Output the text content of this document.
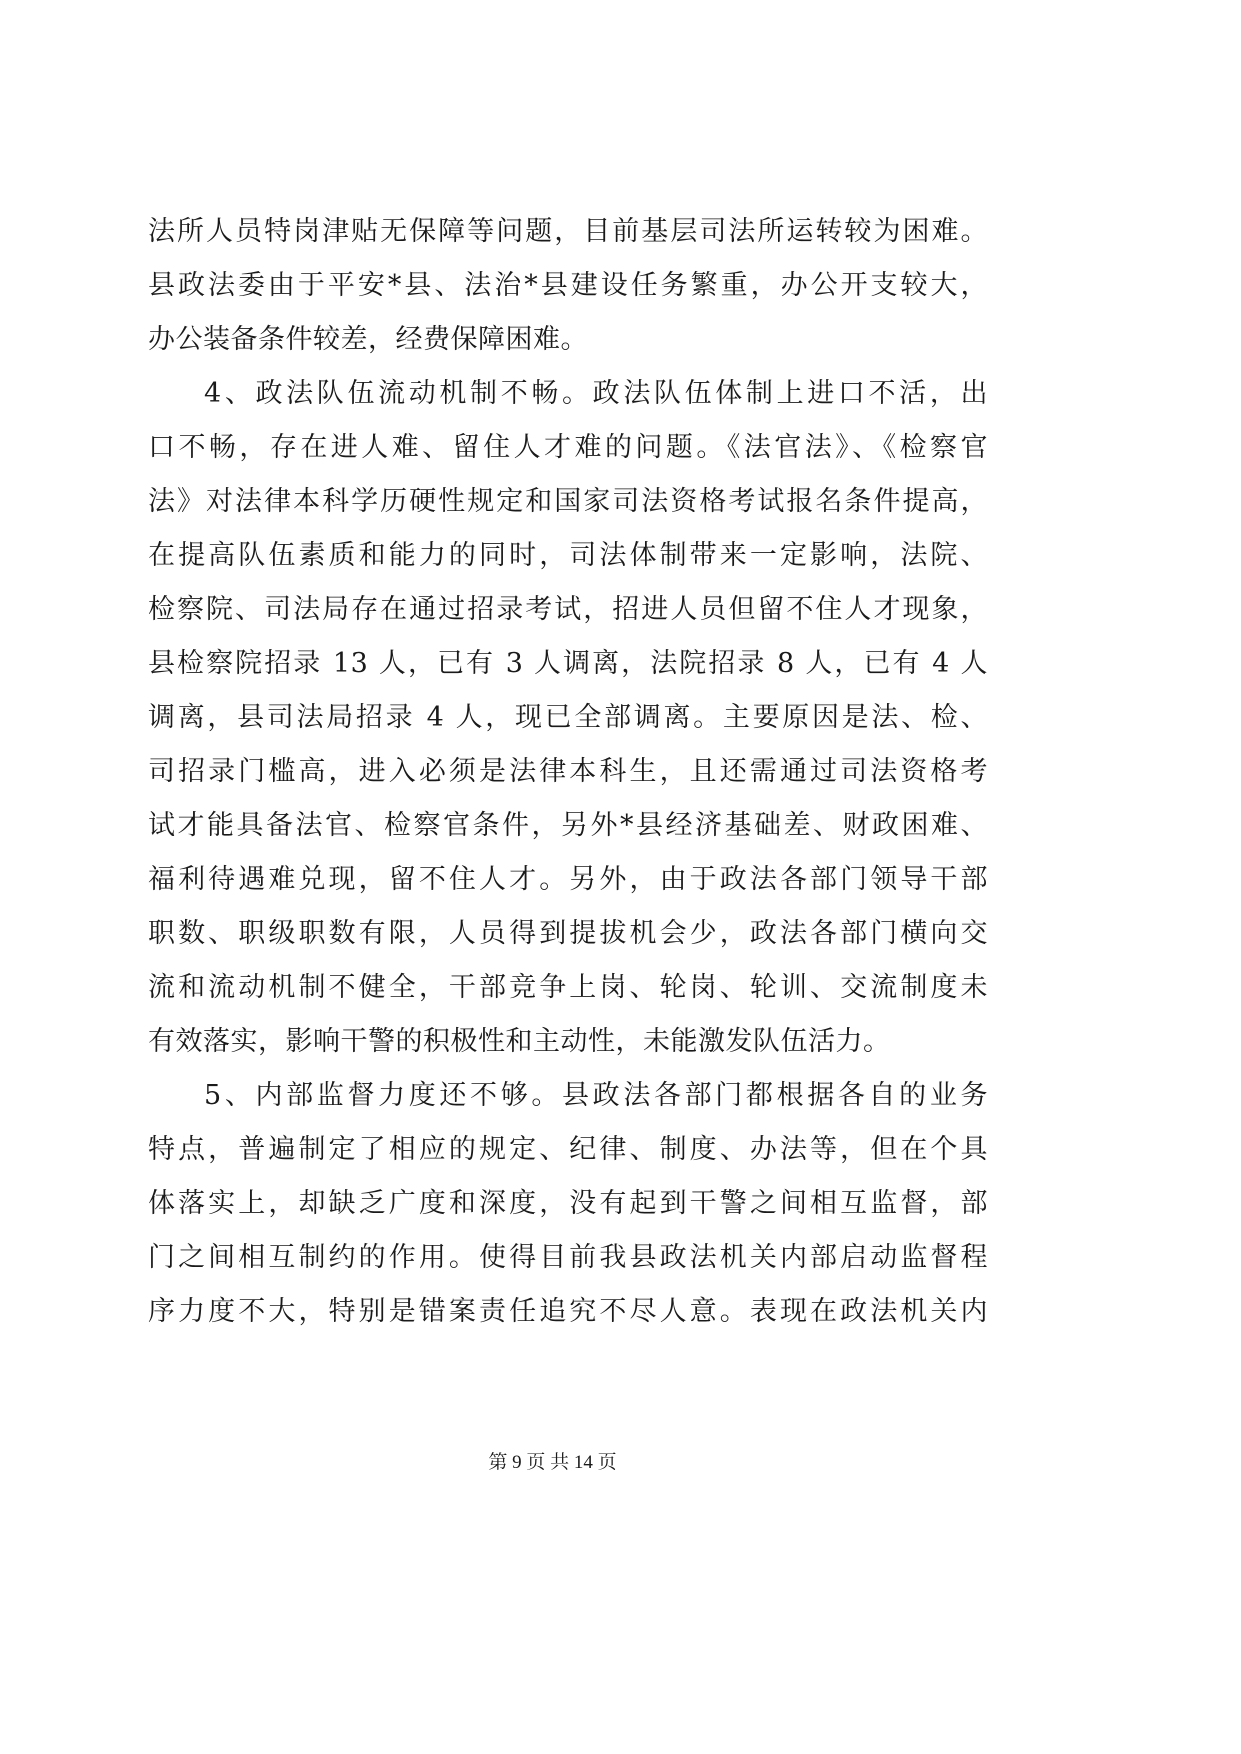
法所人员特岗津贴无保障等问题，目前基层司法所运转较为困难。
县政法委由于平安*县、法治*县建设任务繁重，办公开支较大，
办公装备条件较差，经费保障困难。
4、政法队伍流动机制不畅。政法队伍体制上进口不活，出
口不畅，存在进人难、留住人才难的问题。《法官法》、《检察官
法》对法律本科学历硬性规定和国家司法资格考试报名条件提高，
在提高队伍素质和能力的同时，司法体制带来一定影响，法院、
检察院、司法局存在通过招录考试，招进人员但留不住人才现象，
县检察院招录 13 人，已有 3 人调离，法院招录 8 人，已有 4 人
调离，县司法局招录 4 人，现已全部调离。主要原因是法、检、
司招录门槛高，进入必须是法律本科生，且还需通过司法资格考
试才能具备法官、检察官条件，另外*县经济基础差、财政困难、
福利待遇难兑现，留不住人才。另外，由于政法各部门领导干部
职数、职级职数有限，人员得到提拔机会少，政法各部门横向交
流和流动机制不健全，干部竞争上岗、轮岗、轮训、交流制度未
有效落实，影响干警的积极性和主动性，未能激发队伍活力。
5、内部监督力度还不够。县政法各部门都根据各自的业务
特点，普遍制定了相应的规定、纪律、制度、办法等，但在个具
体落实上，却缺乏广度和深度，没有起到干警之间相互监督，部
门之间相互制约的作用。使得目前我县政法机关内部启动监督程
序力度不大，特别是错案责任追究不尽人意。表现在政法机关内
第 9 页 共 14 页
